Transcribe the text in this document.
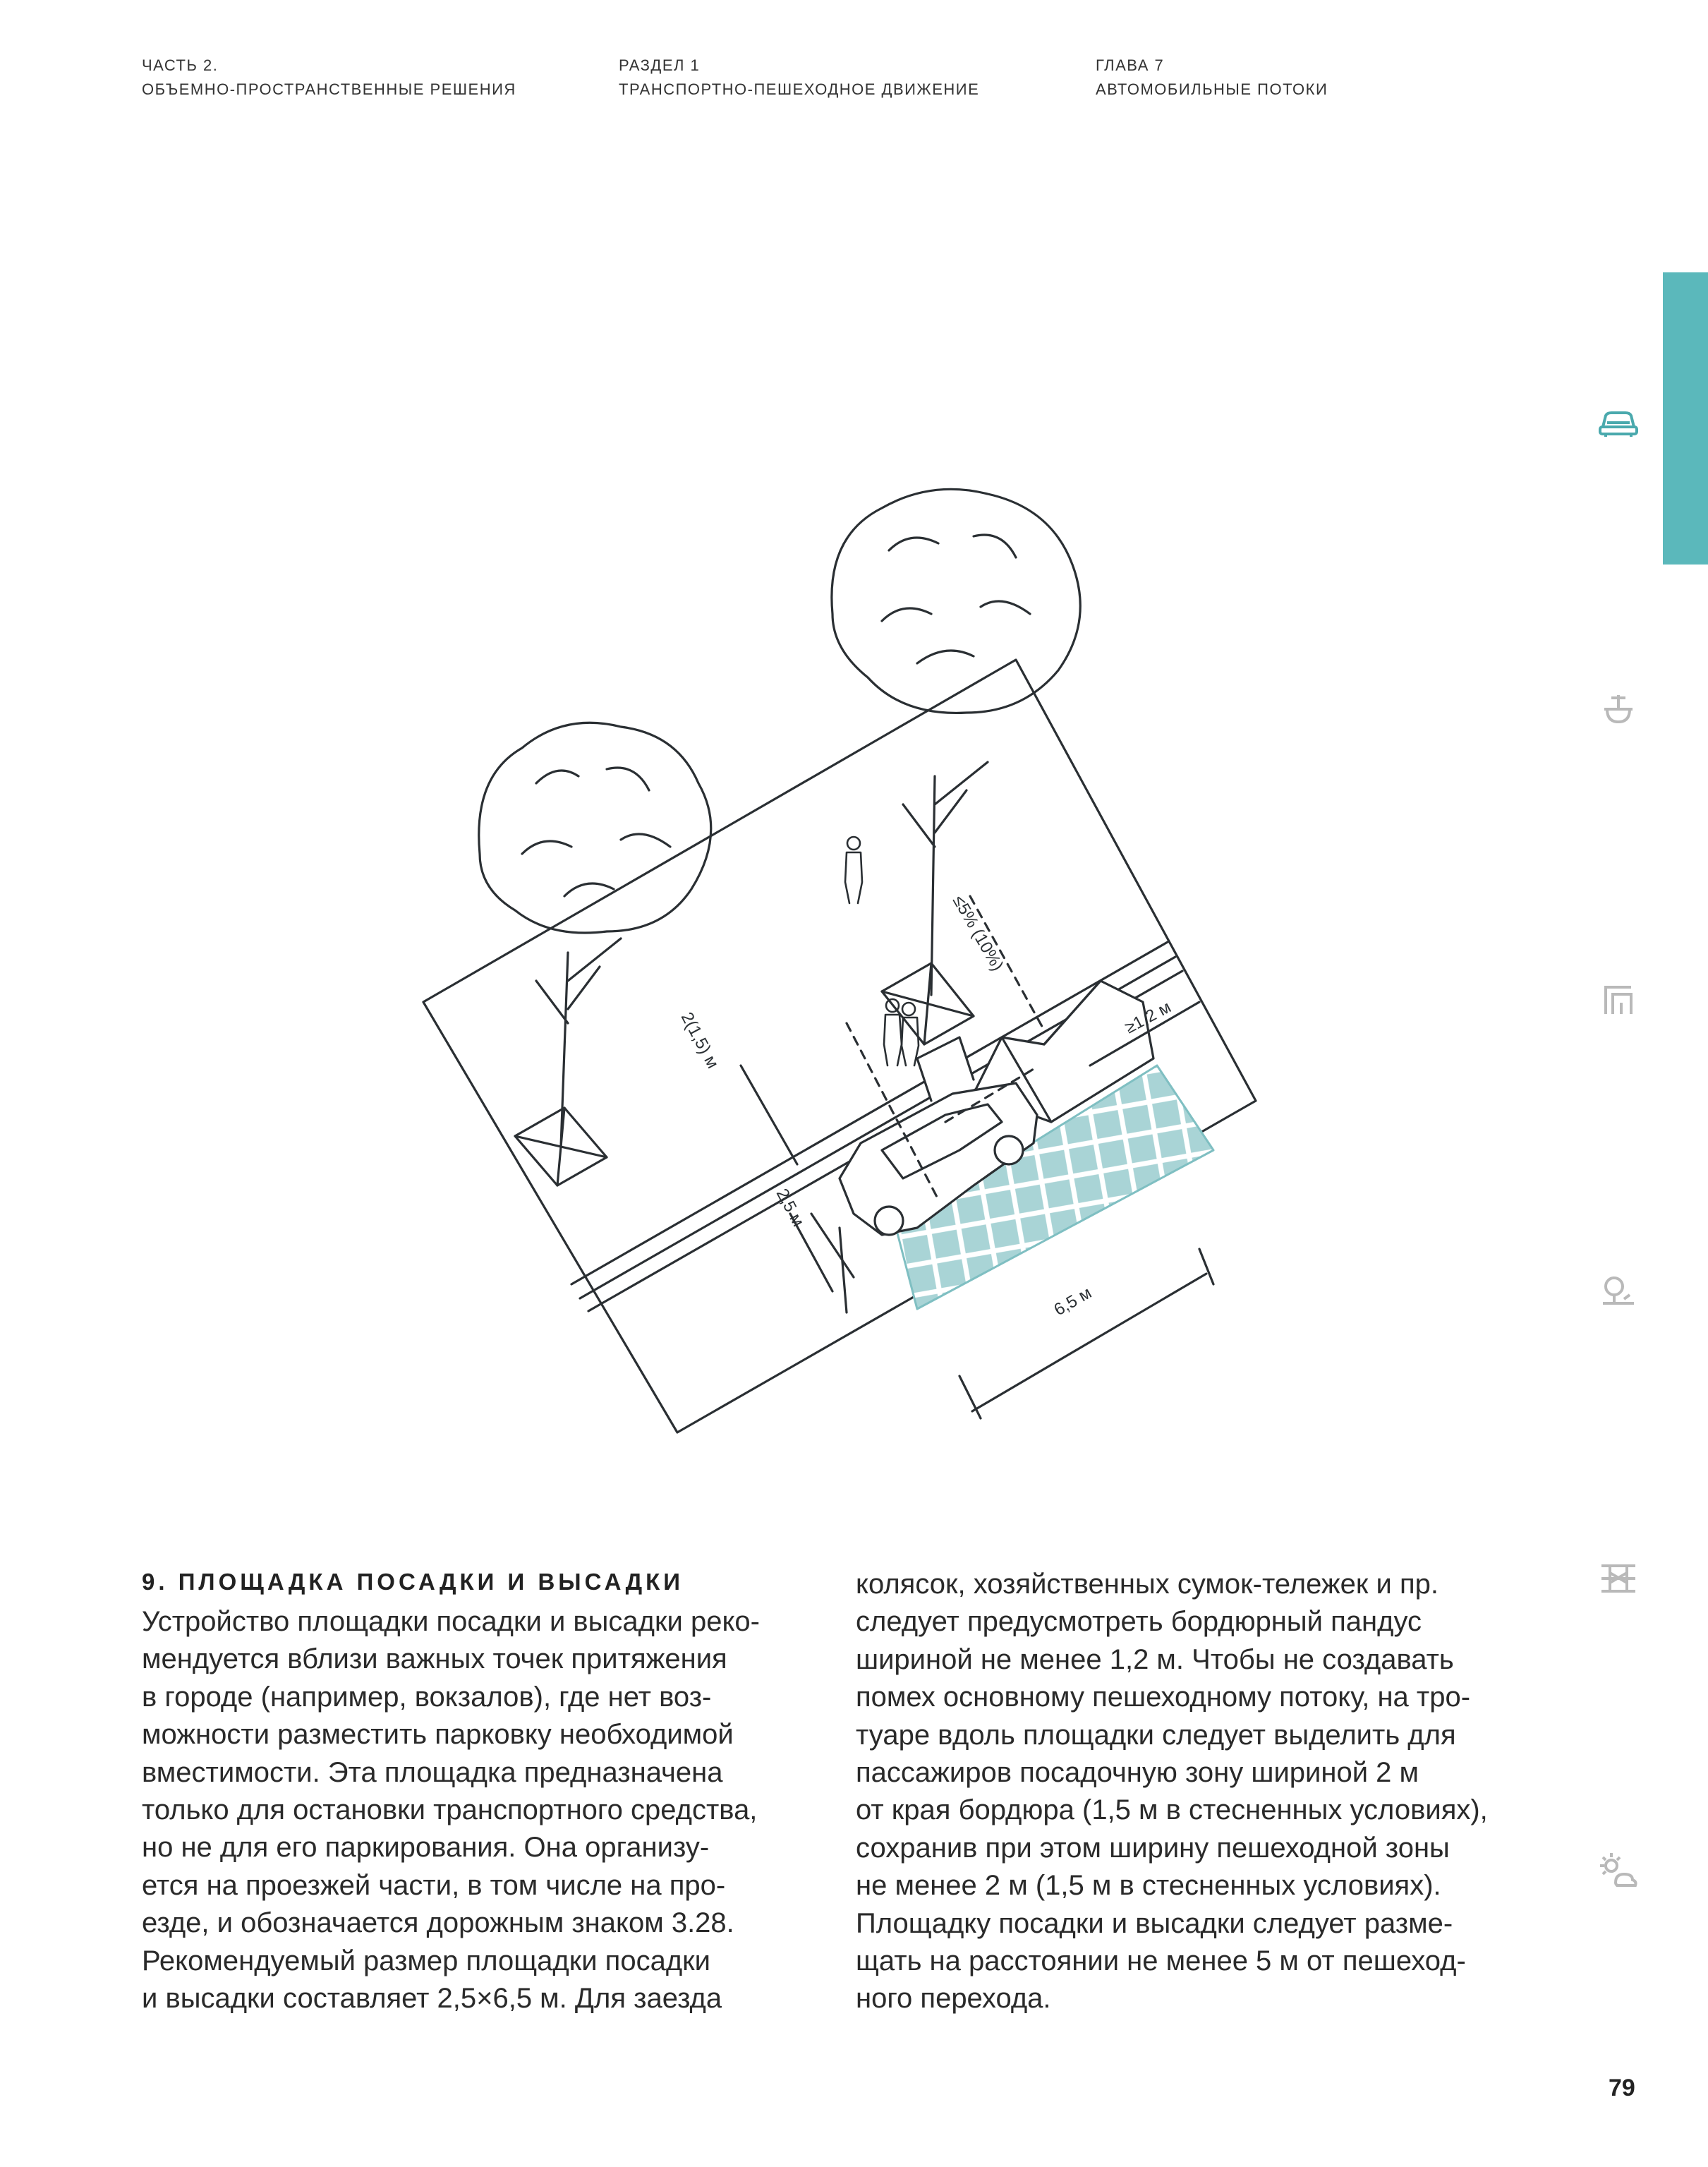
ЧАСТЬ 2.
ОБЪЕМНО-ПРОСТРАНСТВЕННЫЕ РЕШЕНИЯ
РАЗДЕЛ 1
ТРАНСПОРТНО-ПЕШЕХОДНОЕ ДВИЖЕНИЕ
ГЛАВА 7
АВТОМОБИЛЬНЫЕ ПОТОКИ
≤5% (10%)
≥1,2 м
2(1,5) м
2,5 м
6,5 м
9. ПЛОЩАДКА ПОСАДКИ И ВЫСАДКИ
Устройство площадки посадки и высадки реко-
мендуется вблизи важных точек притяжения
в городе (например, вокзалов), где нет воз-
можности разместить парковку необходимой
вместимости. Эта площадка предназначена
только для остановки транспортного средства,
но не для его паркирования. Она организу-
ется на проезжей части, в том числе на про-
езде, и обозначается дорожным знаком 3.28.
Рекомендуемый размер площадки посадки
и высадки составляет 2,5×6,5 м. Для заезда
колясок, хозяйственных сумок-тележек и пр.
следует предусмотреть бордюрный пандус
шириной не менее 1,2 м. Чтобы не создавать
помех основному пешеходному потоку, на тро-
туаре вдоль площадки следует выделить для
пассажиров посадочную зону шириной 2 м
от края бордюра (1,5 м в стесненных условиях),
сохранив при этом ширину пешеходной зоны
не менее 2 м (1,5 м в стесненных условиях).
Площадку посадки и высадки следует разме-
щать на расстоянии не менее 5 м от пешеход-
ного перехода.
79
